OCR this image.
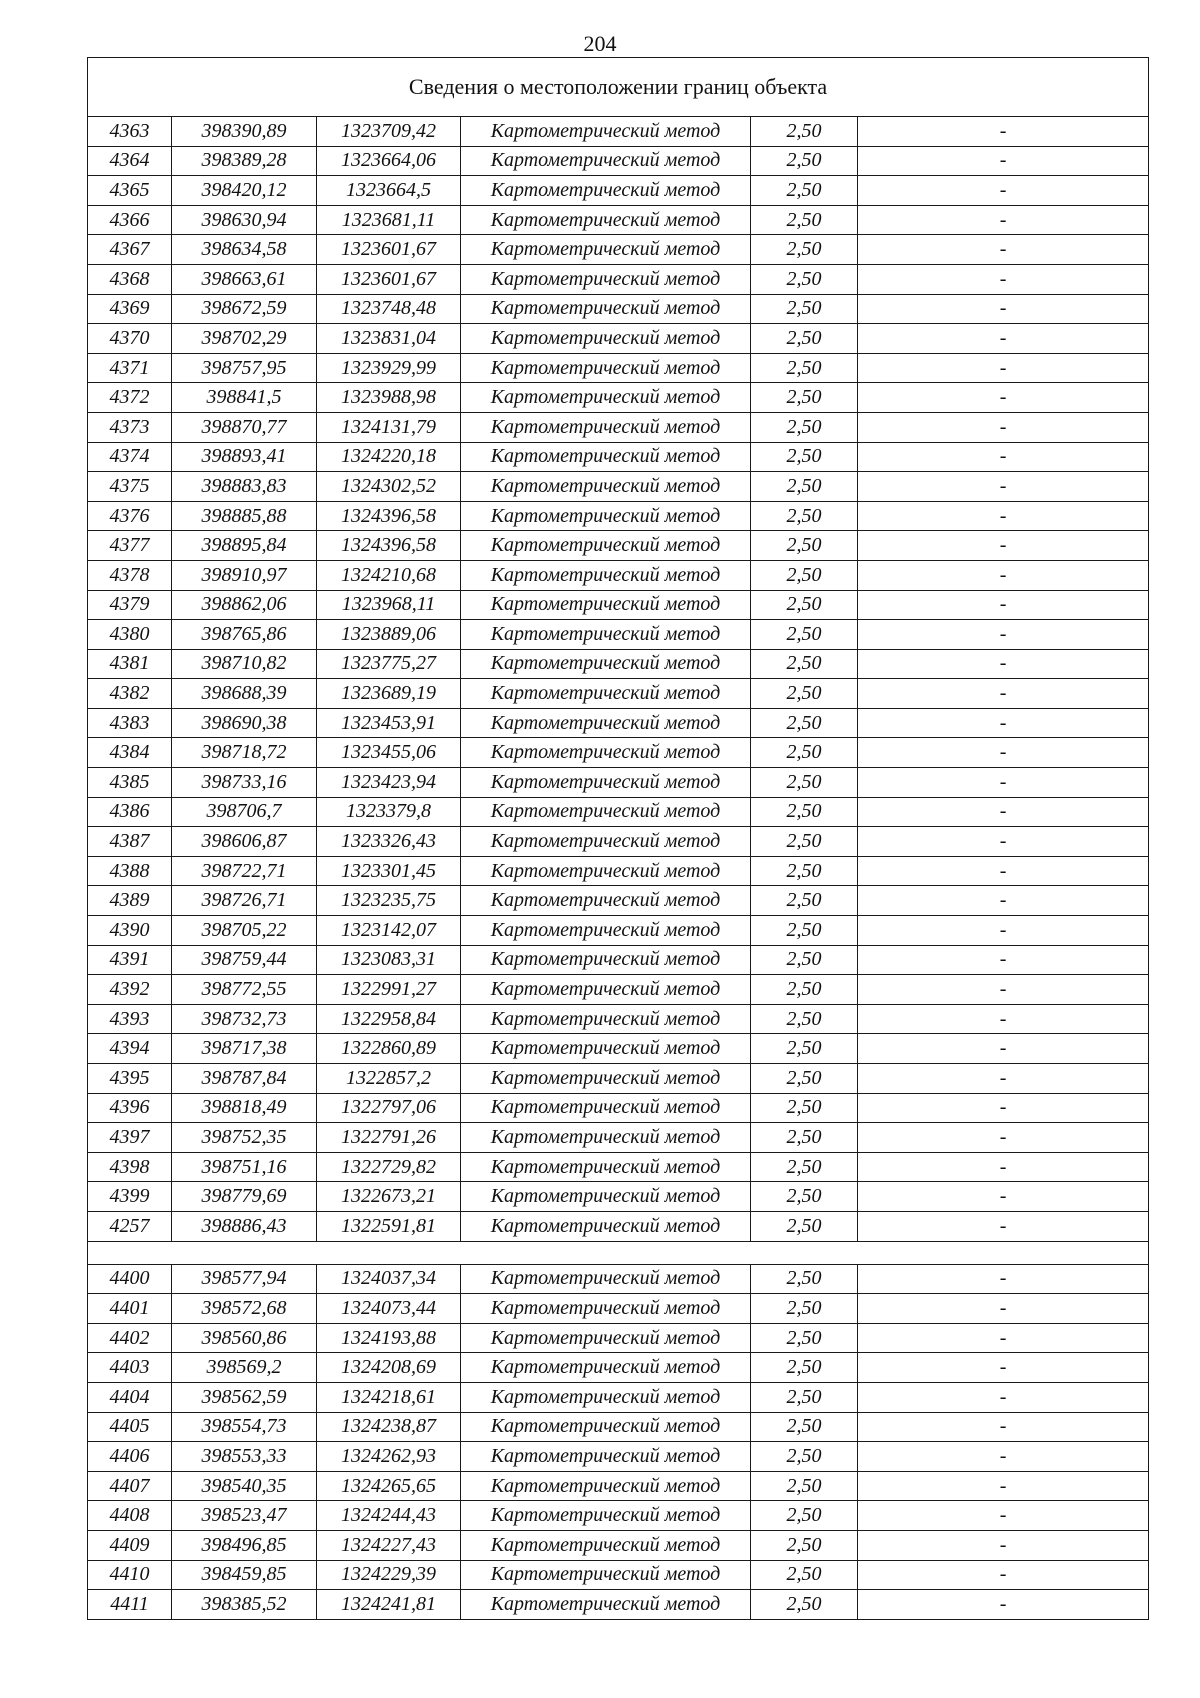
204
Сведения о местоположении границ объекта					
4363	398390,89	1323709,42	Картометрический метод	2,50	-
4364	398389,28	1323664,06	Картометрический метод	2,50	-
4365	398420,12	1323664,5	Картометрический метод	2,50	-
4366	398630,94	1323681,11	Картометрический метод	2,50	-
4367	398634,58	1323601,67	Картометрический метод	2,50	-
4368	398663,61	1323601,67	Картометрический метод	2,50	-
4369	398672,59	1323748,48	Картометрический метод	2,50	-
4370	398702,29	1323831,04	Картометрический метод	2,50	-
4371	398757,95	1323929,99	Картометрический метод	2,50	-
4372	398841,5	1323988,98	Картометрический метод	2,50	-
4373	398870,77	1324131,79	Картометрический метод	2,50	-
4374	398893,41	1324220,18	Картометрический метод	2,50	-
4375	398883,83	1324302,52	Картометрический метод	2,50	-
4376	398885,88	1324396,58	Картометрический метод	2,50	-
4377	398895,84	1324396,58	Картометрический метод	2,50	-
4378	398910,97	1324210,68	Картометрический метод	2,50	-
4379	398862,06	1323968,11	Картометрический метод	2,50	-
4380	398765,86	1323889,06	Картометрический метод	2,50	-
4381	398710,82	1323775,27	Картометрический метод	2,50	-
4382	398688,39	1323689,19	Картометрический метод	2,50	-
4383	398690,38	1323453,91	Картометрический метод	2,50	-
4384	398718,72	1323455,06	Картометрический метод	2,50	-
4385	398733,16	1323423,94	Картометрический метод	2,50	-
4386	398706,7	1323379,8	Картометрический метод	2,50	-
4387	398606,87	1323326,43	Картометрический метод	2,50	-
4388	398722,71	1323301,45	Картометрический метод	2,50	-
4389	398726,71	1323235,75	Картометрический метод	2,50	-
4390	398705,22	1323142,07	Картометрический метод	2,50	-
4391	398759,44	1323083,31	Картометрический метод	2,50	-
4392	398772,55	1322991,27	Картометрический метод	2,50	-
4393	398732,73	1322958,84	Картометрический метод	2,50	-
4394	398717,38	1322860,89	Картометрический метод	2,50	-
4395	398787,84	1322857,2	Картометрический метод	2,50	-
4396	398818,49	1322797,06	Картометрический метод	2,50	-
4397	398752,35	1322791,26	Картометрический метод	2,50	-
4398	398751,16	1322729,82	Картометрический метод	2,50	-
4399	398779,69	1322673,21	Картометрический метод	2,50	-
4257	398886,43	1322591,81	Картометрический метод	2,50	-

4400	398577,94	1324037,34	Картометрический метод	2,50	-
4401	398572,68	1324073,44	Картометрический метод	2,50	-
4402	398560,86	1324193,88	Картометрический метод	2,50	-
4403	398569,2	1324208,69	Картометрический метод	2,50	-
4404	398562,59	1324218,61	Картометрический метод	2,50	-
4405	398554,73	1324238,87	Картометрический метод	2,50	-
4406	398553,33	1324262,93	Картометрический метод	2,50	-
4407	398540,35	1324265,65	Картометрический метод	2,50	-
4408	398523,47	1324244,43	Картометрический метод	2,50	-
4409	398496,85	1324227,43	Картометрический метод	2,50	-
4410	398459,85	1324229,39	Картометрический метод	2,50	-
4411	398385,52	1324241,81	Картометрический метод	2,50	-
